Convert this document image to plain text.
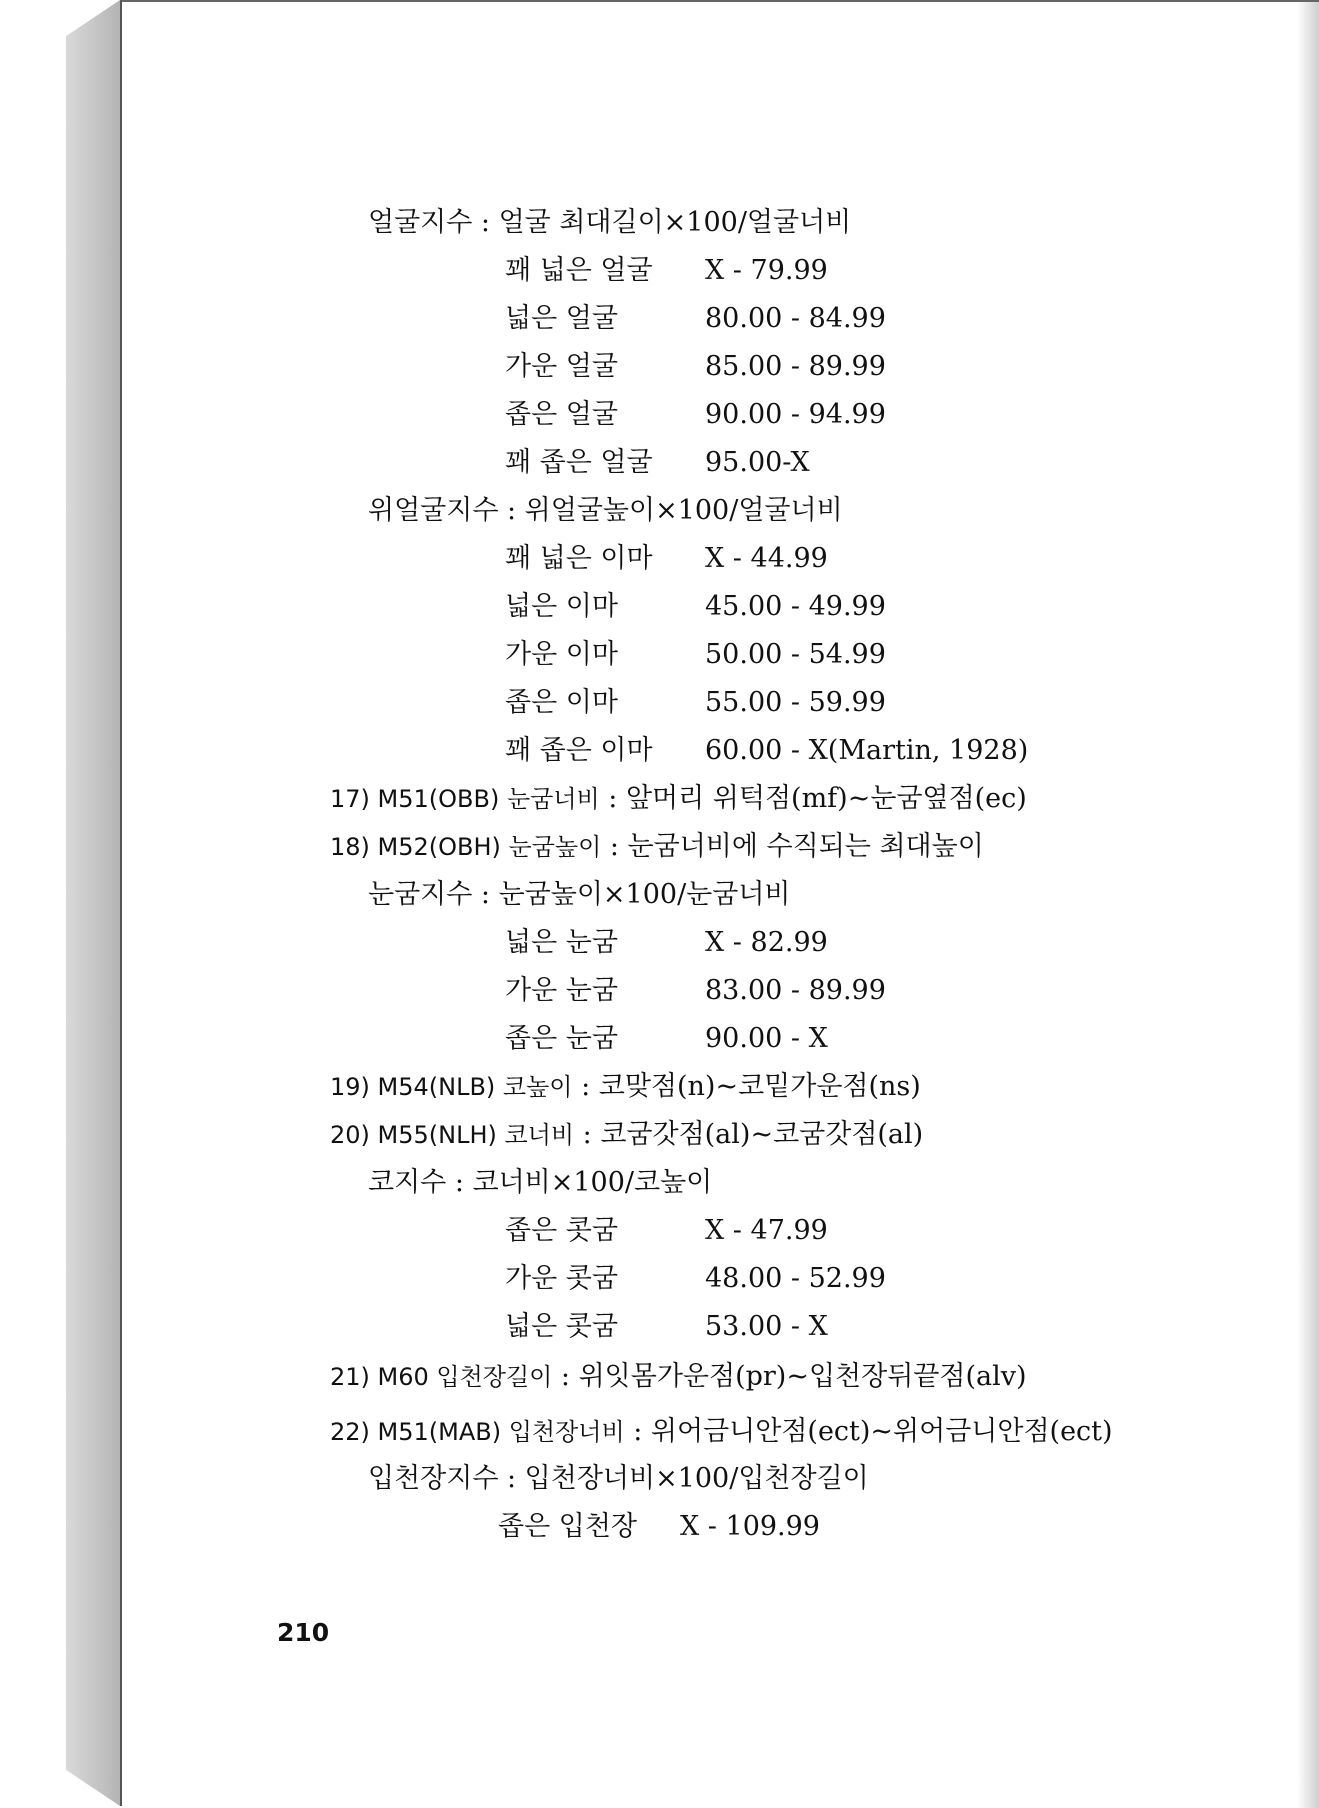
얼굴지수 : 얼굴 최대길이×100/얼굴너비
꽤 넓은 얼굴 X - 79.99
넓은 얼굴	80.00 - 84.99
가운 얼굴	85.00 - 89.99
좁은 얼굴	90.00 - 94.99
꽤 좁은 얼굴 95.00-X
위얼굴지수 : 위얼굴높이×100/얼굴너비
꽤 넓은 이마 X - 44.99
넓은 이마	45.00 - 49.99
가운 이마	50.00 - 54.99
좁은 이마	55.00 - 59.99
꽤 좁은 이마 60.00 - X(Martin, 1928)
17) M51(OBB) 눈굼너비 : 앞머리 위턱점(mf)~눈굼옆점(ec)
18) M52(OBH) 눈굼높이 : 눈굼너비에 수직되는 최대높이
눈굼지수 : 눈굼높이×100/눈굼너비
넓은 눈굼	X - 82.99
가운 눈굼	83.00 - 89.99
좁은 눈굼	90.00 - X
19) M54(NLB) 코높이 : 코맞점(n)~코밑가운점(ns)
20) M55(NLH) 코너비 : 코굼갓점(al)~코굼갓점(al)
코지수 : 코너비×100/코높이
좁은 콧굼	X - 47.99
가운 콧굼	48.00 - 52.99
넓은 콧굼	53.00 - X
21) M60 입천장길이 : 위잇몸가운점(pr)~입천장뒤끝점(alv)
22) M51(MAB) 입천장너비 : 위어금니안점(ect)~위어금니안점(ect)
입천장지수 : 입천장너비×100/입천장길이
좁은 입천장 X - 109.99
210
